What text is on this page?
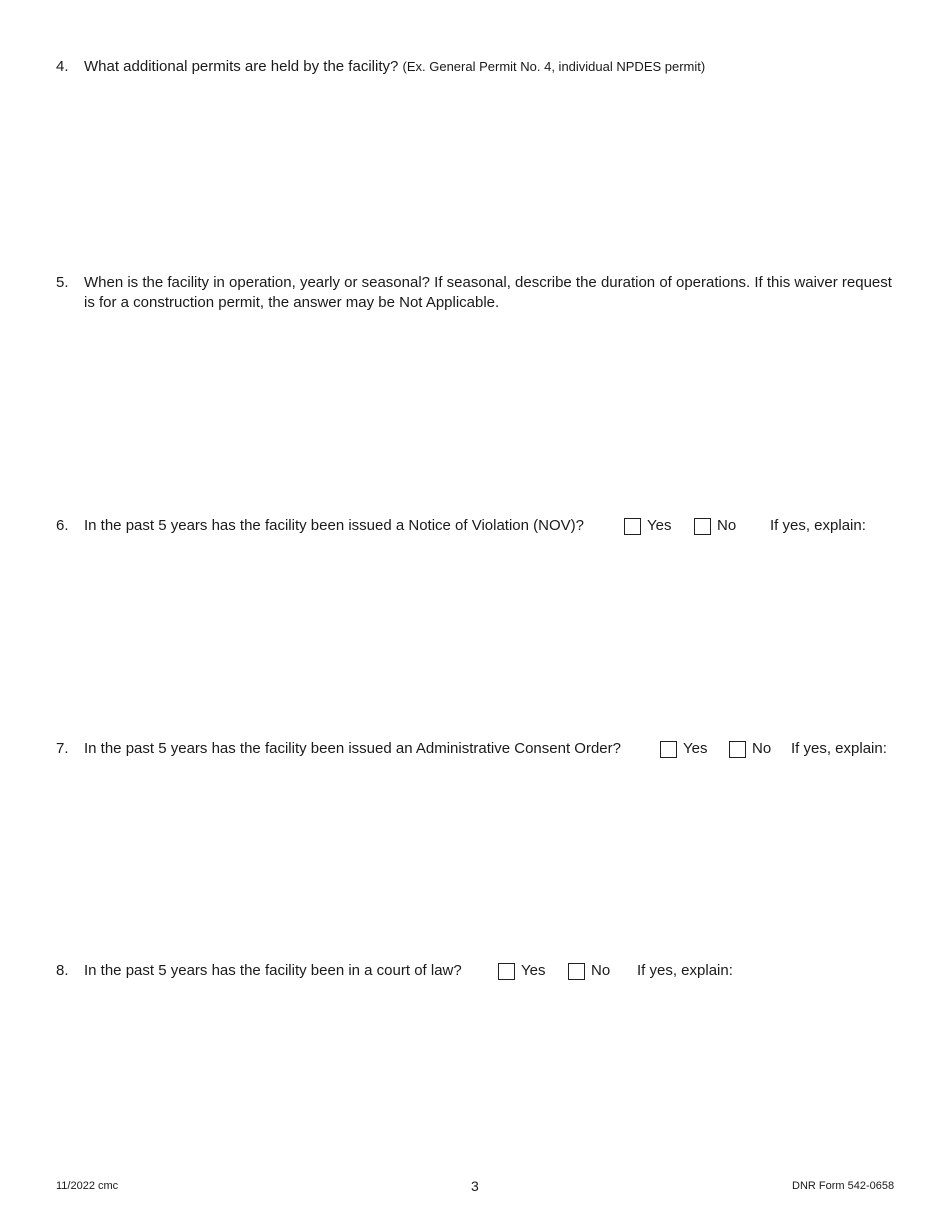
4.	What additional permits are held by the facility? (Ex. General Permit No. 4, individual NPDES permit)
5.	When is the facility in operation, yearly or seasonal? If seasonal, describe the duration of operations. If this waiver request is for a construction permit, the answer may be Not Applicable.
6.	In the past 5 years has the facility been issued a Notice of Violation (NOV)?	Yes	No If yes, explain:
7.	In the past 5 years has the facility been issued an Administrative Consent Order?	Yes	No If yes, explain:
8.	In the past 5 years has the facility been in a court of law?	Yes	No If yes, explain:
11/2022 cmc	3	DNR Form 542-0658
